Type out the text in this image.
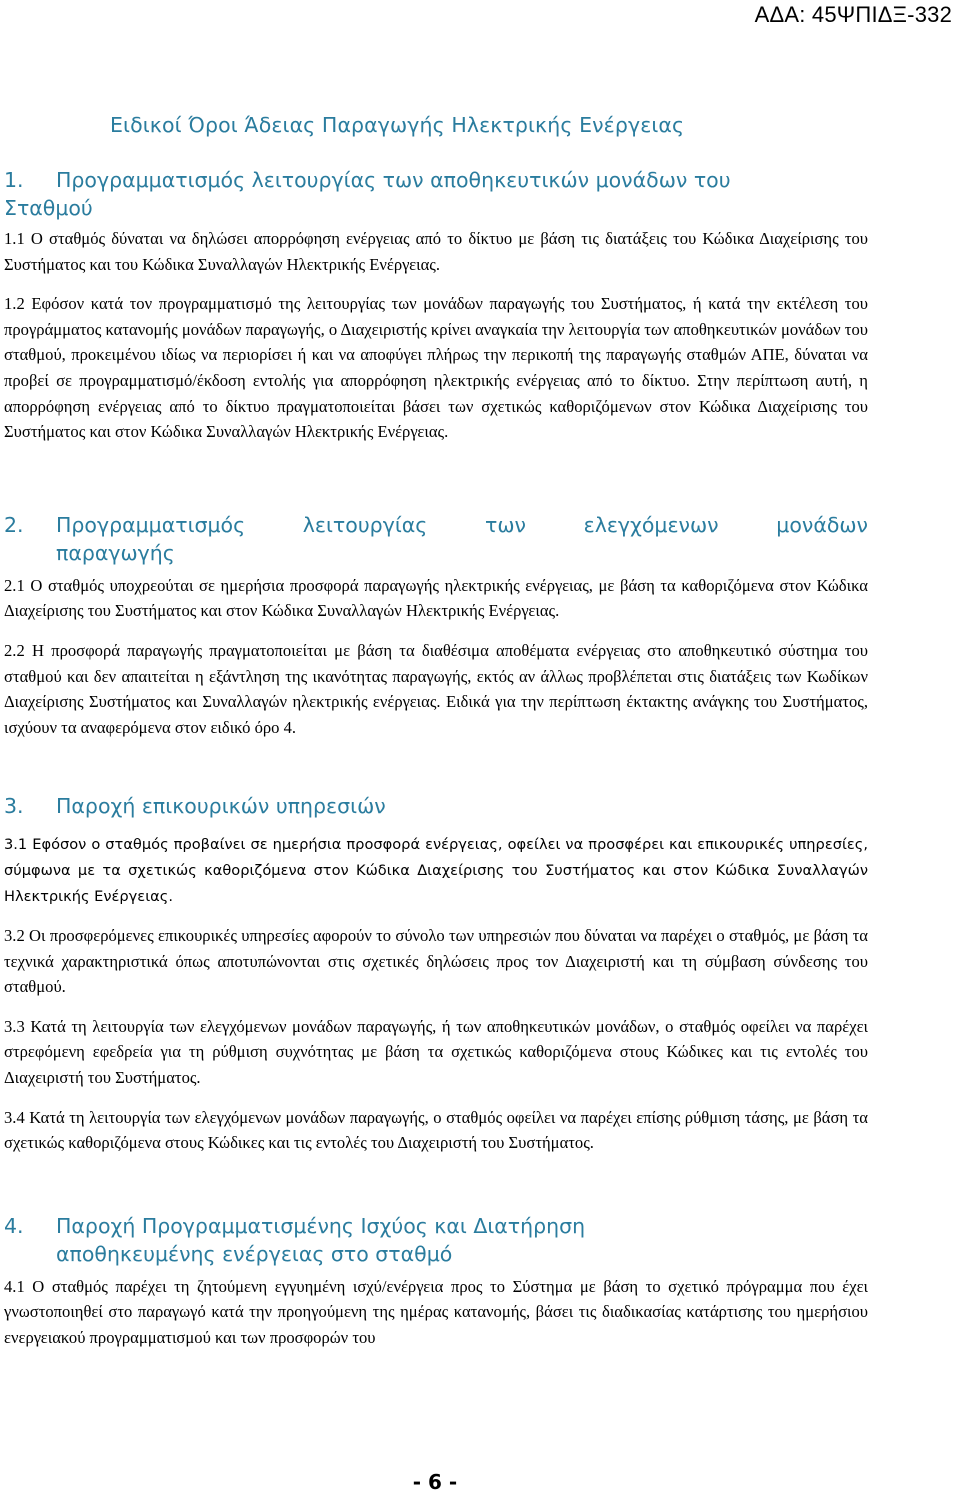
ΑΔΑ: 45ΨΠΙΔΞ-332
Ειδικοί Όροι Άδειας Παραγωγής Ηλεκτρικής Ενέργειας
1. Προγραμματισμός λειτουργίας των αποθηκευτικών μονάδων του
Σταθμού

1.1 Ο σταθμός δύναται να δηλώσει απορρόφηση ενέργειας από το δίκτυο με βάση τις διατάξεις του Κώδικα Διαχείρισης του Συστήματος και του Κώδικα Συναλλαγών Ηλεκτρικής Ενέργειας.

1.2 Εφόσον κατά τον προγραμματισμό της λειτουργίας των μονάδων παραγωγής του Συστήματος, ή κατά την εκτέλεση του προγράμματος κατανομής μονάδων παραγωγής, ο Διαχειριστής κρίνει αναγκαία την λειτουργία των αποθηκευτικών μονάδων του σταθμού, προκειμένου ιδίως να περιορίσει ή και να αποφύγει πλήρως την περικοπή της παραγωγής σταθμών ΑΠΕ, δύναται να προβεί σε προγραμματισμό/έκδοση εντολής για απορρόφηση ηλεκτρικής ενέργειας από το δίκτυο. Στην περίπτωση αυτή, η απορρόφηση ενέργειας από το δίκτυο πραγματοποιείται βάσει των σχετικώς καθοριζόμενων στον Κώδικα Διαχείρισης του Συστήματος και στον Κώδικα Συναλλαγών Ηλεκτρικής Ενέργειας.

2.	Προγραμματισμός λειτουργίας των ελεγχόμενων μονάδων
παραγωγής

2.1 Ο σταθμός υποχρεούται σε ημερήσια προσφορά παραγωγής ηλεκτρικής ενέργειας, με βάση τα καθοριζόμενα στον Κώδικα Διαχείρισης του Συστήματος και στον Κώδικα Συναλλαγών Ηλεκτρικής Ενέργειας.

2.2 Η προσφορά παραγωγής πραγματοποιείται με βάση τα διαθέσιμα αποθέματα ενέργειας στο αποθηκευτικό σύστημα του σταθμού και δεν απαιτείται η εξάντληση της ικανότητας παραγωγής, εκτός αν άλλως προβλέπεται στις διατάξεις των Κωδίκων Διαχείρισης Συστήματος και Συναλλαγών ηλεκτρικής ενέργειας. Ειδικά για την περίπτωση έκτακτης ανάγκης του Συστήματος, ισχύουν τα αναφερόμενα στον ειδικό όρο 4.

3. Παροχή επικουρικών υπηρεσιών

3.1 Εφόσον ο σταθμός προβαίνει σε ημερήσια προσφορά ενέργειας, οφείλει να προσφέρει και επικουρικές υπηρεσίες, σύμφωνα με τα σχετικώς καθοριζόμενα στον Κώδικα Διαχείρισης του Συστήματος και στον Κώδικα Συναλλαγών Ηλεκτρικής Ενέργειας.

3.2 Οι προσφερόμενες επικουρικές υπηρεσίες αφορούν το σύνολο των υπηρεσιών που δύναται να παρέχει ο σταθμός, με βάση τα τεχνικά χαρακτηριστικά όπως αποτυπώνονται στις σχετικές δηλώσεις προς τον Διαχειριστή και τη σύμβαση σύνδεσης του σταθμού.

3.3 Κατά τη λειτουργία των ελεγχόμενων μονάδων παραγωγής, ή των αποθηκευτικών μονάδων, ο σταθμός οφείλει να παρέχει στρεφόμενη εφεδρεία για τη ρύθμιση συχνότητας με βάση τα σχετικώς καθοριζόμενα στους Κώδικες και τις εντολές του Διαχειριστή του Συστήματος.

3.4 Κατά τη λειτουργία των ελεγχόμενων μονάδων παραγωγής, ο σταθμός οφείλει να παρέχει επίσης ρύθμιση τάσης, με βάση τα σχετικώς καθοριζόμενα στους Κώδικες και τις εντολές του Διαχειριστή του Συστήματος.

4. Παροχή Προγραμματισμένης Ισχύος και Διατήρηση
αποθηκευμένης ενέργειας στο σταθμό

4.1 Ο σταθμός παρέχει τη ζητούμενη εγγυημένη ισχύ/ενέργεια προς το Σύστημα με βάση το σχετικό πρόγραμμα που έχει γνωστοποιηθεί στο παραγωγό κατά την προηγούμενη της ημέρας κατανομής, βάσει τις διαδικασίας κατάρτισης του ημερήσιου ενεργειακού προγραμματισμού και των προσφορών του

- 6 -
